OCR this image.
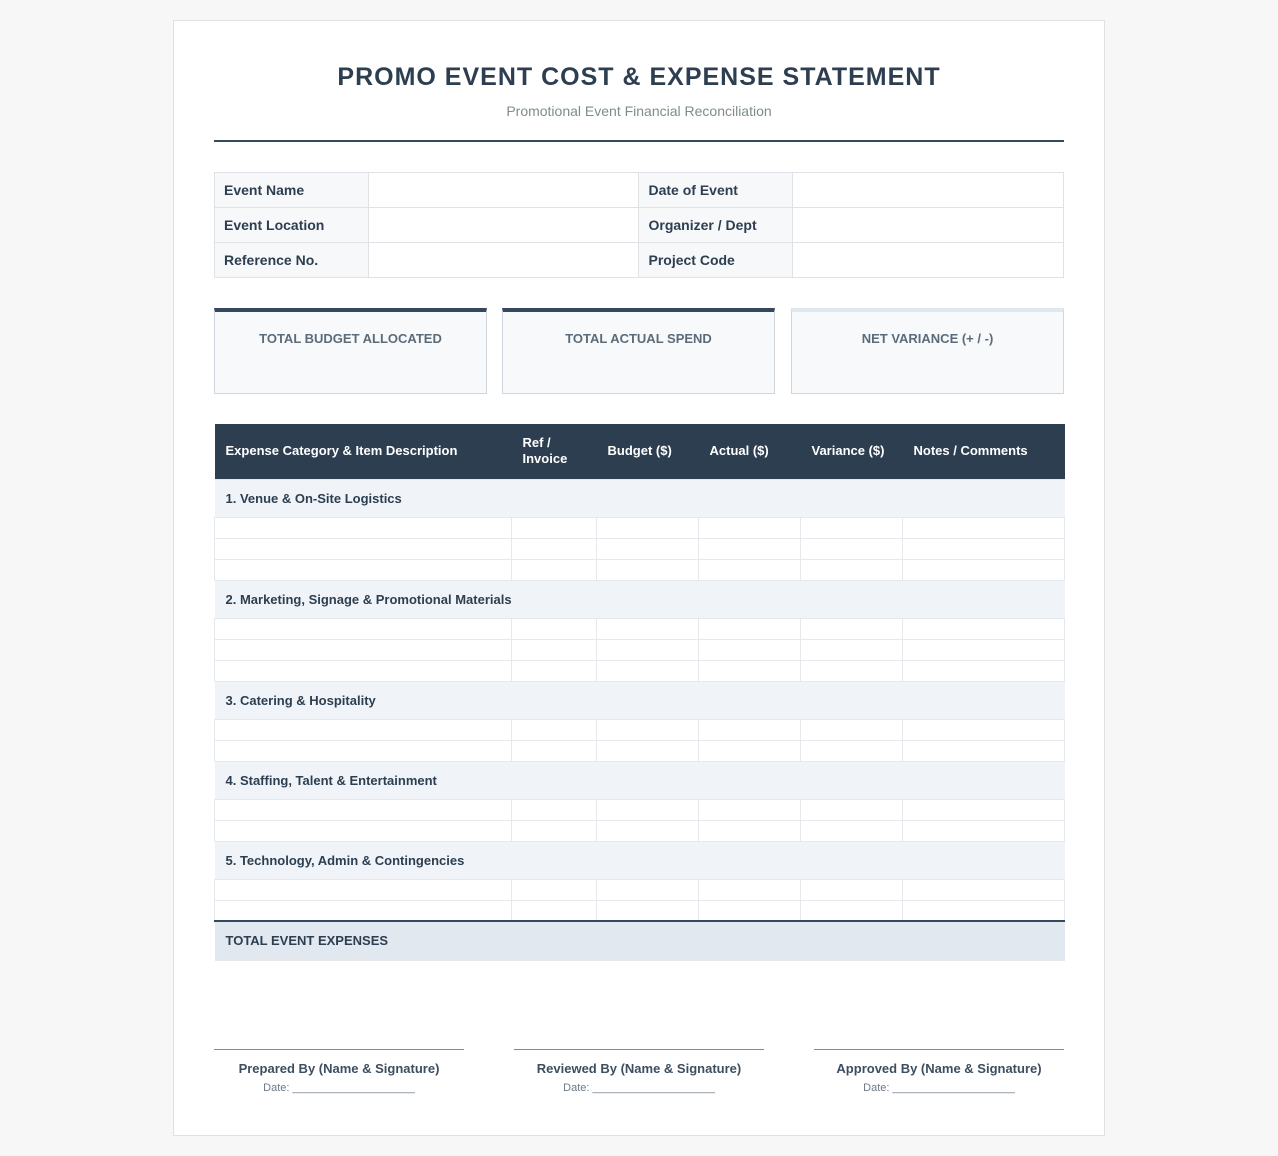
PROMO EVENT COST & EXPENSE STATEMENT
Promotional Event Financial Reconciliation
Event Name		Date of Event	
Event Location		Organizer / Dept	
Reference No.		Project Code	
TOTAL BUDGET ALLOCATED	TOTAL ACTUAL SPEND	NET VARIANCE (+ / -)
Expense Category & Item Description	Ref / Invoice	Budget ($)	Actual ($)	Variance ($)	Notes / Comments
1. Venue & On-Site Logistics					

2. Marketing, Signage & Promotional Materials					

3. Catering & Hospitality					

4. Staffing, Talent & Entertainment					

5. Technology, Admin & Contingencies					

TOTAL EVENT EXPENSES					
Prepared By (Name & Signature)
Date: ____________________
Reviewed By (Name & Signature)
Date: ____________________
Approved By (Name & Signature)
Date: ____________________
